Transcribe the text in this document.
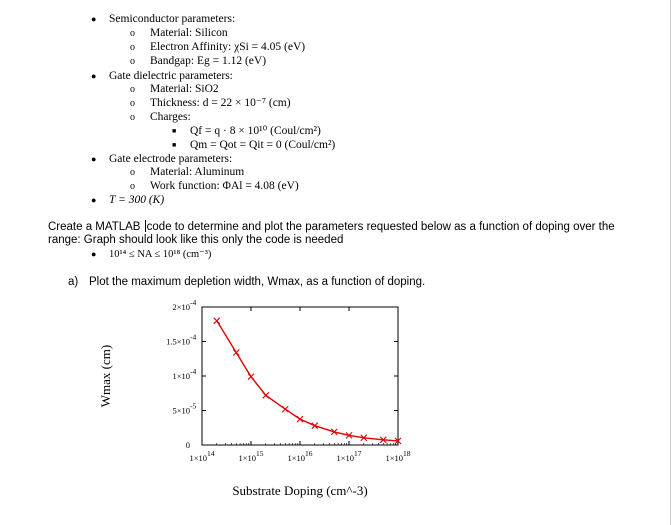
● Semiconductor parameters:
o Material: Silicon
o Electron Affinity: χSi = 4.05 (eV)
o Bandgap: Eg = 1.12 (eV)
● Gate dielectric parameters:
o Material: SiO2
o Thickness: d = 22 × 10⁻⁷ (cm)
o Charges:
■ Qf = q · 8 × 10¹⁰ (Coul/cm²)
■ Qm = Qot = Qit = 0 (Coul/cm²)
● Gate electrode parameters:
o Material: Aluminum
o Work function: ΦAl = 4.08 (eV)
● T = 300 (K)
Create a MATLAB code to determine and plot the parameters requested below as a function of doping over the range: Graph should look like this only the code is needed
● 10¹⁴ ≤ NA ≤ 10¹⁸ (cm⁻³)
a) Plot the maximum depletion width, Wmax, as a function of doping.
1×1014	1×1015	1×1016	1×1017	1×1018
0
5×10 -5
1×10 -4
1.5×10 -4
2×10 -4
Wmax (cm)
Substrate Doping (cm^-3)
